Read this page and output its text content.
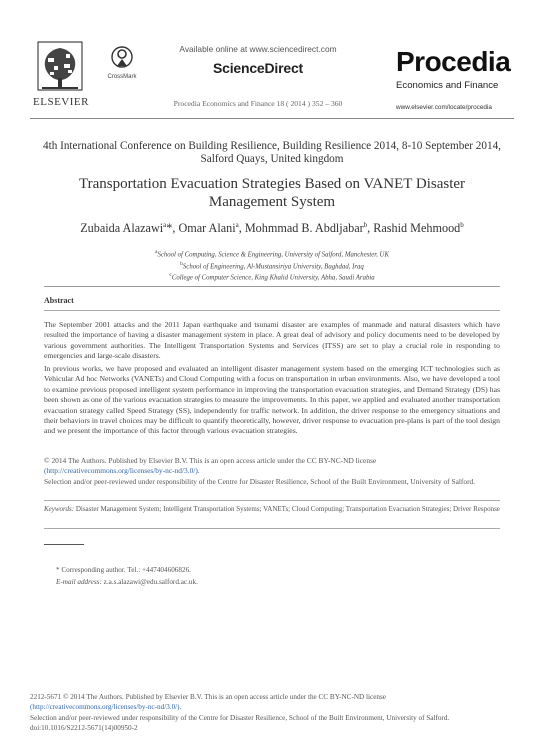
ELSEVIER
CrossMark
Available online at www.sciencedirect.com
ScienceDirect
Procedia Economics and Finance 18 ( 2014 ) 352 – 360
Procedia
Economics and Finance
www.elsevier.com/locate/procedia
4th International Conference on Building Resilience, Building Resilience 2014, 8-10 September 2014, Salford Quays, United kingdom
Transportation Evacuation Strategies Based on VANET Disaster Management System
Zubaida Alazawi$^a$*, Omar Alani$^a$, Mohmmad B. Abdljabar$^b$, Rashid Mehmood$^b$
$^a$School of Computing, Science & Engineering, University of Salford, Manchester, UK
$^b$School of Engineering, Al-Mustansiriya University, Baghdad, Iraq
$^c$College of Computer Science, King Khalid University, Abha, Saudi Arabia
Abstract
The September 2001 attacks and the 2011 Japan earthquake and tsunami disaster are examples of manmade and natural disasters which have resulted the importance of having a disaster management system in place. A great deal of advisory and policy documents need to be developed by various government authorities. The Intelligent Transportation Systems and Services (ITSS) are set to play a crucial role in responding to emergencies and large-scale disasters.
In previous works, we have proposed and evaluated an intelligent disaster management system based on the emerging ICT technologies such as Vehicular Ad hoc Networks (VANETs) and Cloud Computing with a focus on transportation in urban environments. Also, we have developed a tool to examine previous proposed intelligent system performance in improving the transportation evacuation strategies, and Demand Strategy (DS) has been shown as one of the various evacuation strategies to measure the improvements. In this paper, we applied and evaluated another transportation evacuation strategy called Speed Strategy (SS), independently for traffic network. In addition, the driver response to the emergency situations and their behaviors in travel choices may be difficult to quantify theoretically, however, driver response to evacuation pre-plans is part of the tool design and we present the importance of this factor through various evacuation strategies.
© 2014 The Authors. Published by Elsevier B.V. This is an open access article under the CC BY-NC-ND license
(http://creativecommons.org/licenses/by-nc-nd/3.0/).
Selection and/or peer-reviewed under responsibility of the Centre for Disaster Resilience, School of the Built Environment, University of Salford.
Keywords: Disaster Management System; Intelligent Transportation Systems; VANETs; Cloud Computing; Transportation Evacuation Strategies; Driver Response
* Corresponding author. Tel.: +447404606826.
E-mail address: z.a.s.alazawi@edu.salford.ac.uk.
2212-5671 © 2014 The Authors. Published by Elsevier B.V. This is an open access article under the CC BY-NC-ND license
(http://creativecommons.org/licenses/by-nc-nd/3.0/).
Selection and/or peer-reviewed under responsibility of the Centre for Disaster Resilience, School of the Built Environment, University of Salford.
doi:10.1016/S2212-5671(14)00950-2
